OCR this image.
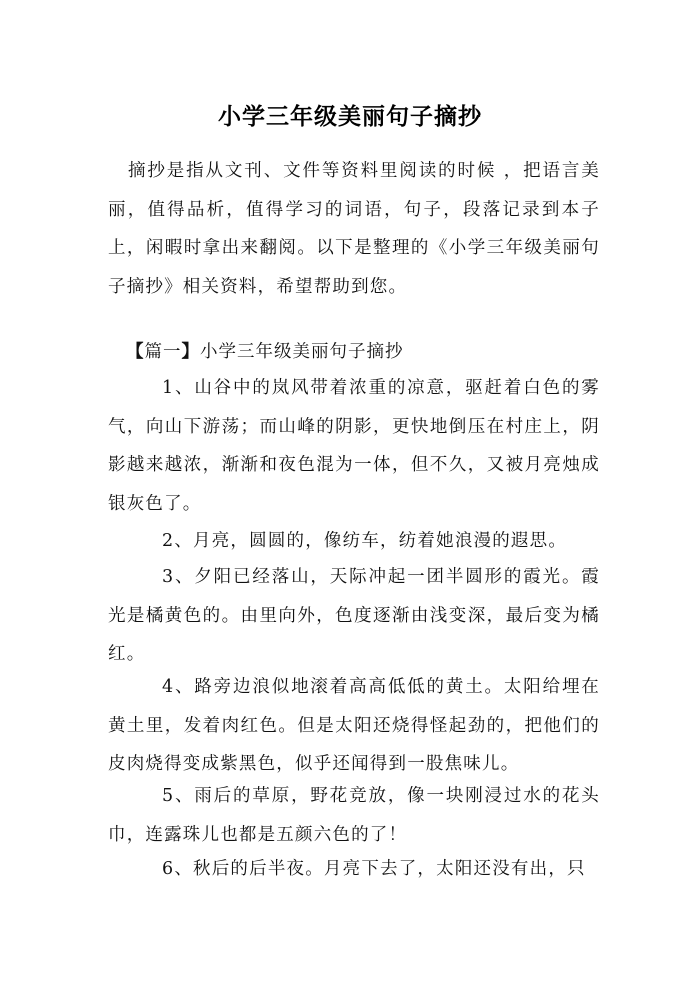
小学三年级美丽句子摘抄
摘抄是指从文刊、文件等资料里阅读的时候 ，把语言美丽，值得品析，值得学习的词语，句子，段落记录到本子上，闲暇时拿出来翻阅。以下是整理的《小学三年级美丽句子摘抄》相关资料，希望帮助到您。
【篇一】小学三年级美丽句子摘抄
1、山谷中的岚风带着浓重的凉意，驱赶着白色的雾气，向山下游荡；而山峰的阴影，更快地倒压在村庄上，阴影越来越浓，渐渐和夜色混为一体，但不久，又被月亮烛成银灰色了。
2、月亮，圆圆的，像纺车，纺着她浪漫的遐思。
3、夕阳已经落山，天际冲起一团半圆形的霞光。霞光是橘黄色的。由里向外，色度逐渐由浅变深，最后变为橘红。
4、路旁边浪似地滚着高高低低的黄土。太阳给埋在黄土里，发着肉红色。但是太阳还烧得怪起劲的，把他们的皮肉烧得变成紫黑色，似乎还闻得到一股焦味儿。
5、雨后的草原，野花竞放，像一块刚浸过水的花头巾，连露珠儿也都是五颜六色的了！
6、秋后的后半夜。月亮下去了，太阳还没有出，只
